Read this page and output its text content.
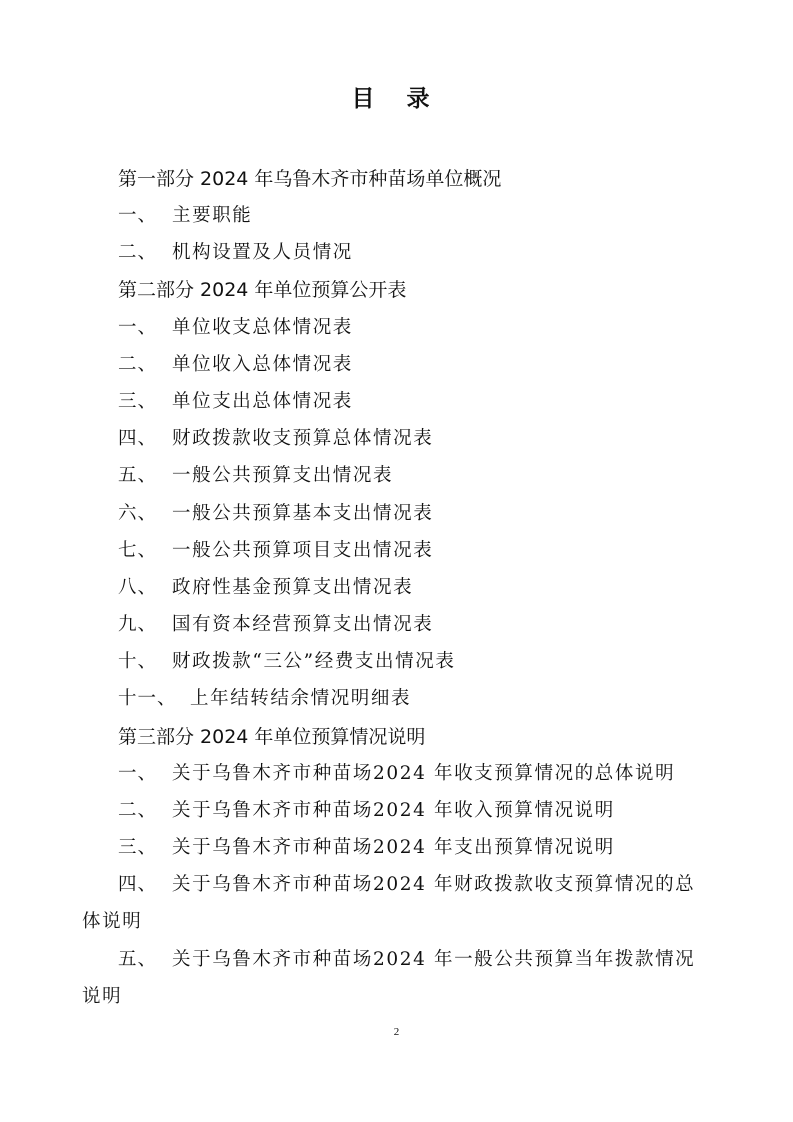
目 录
第一部分 2024 年乌鲁木齐市种苗场单位概况
一、 主要职能
二、 机构设置及人员情况
第二部分 2024 年单位预算公开表
一、 单位收支总体情况表
二、 单位收入总体情况表
三、 单位支出总体情况表
四、 财政拨款收支预算总体情况表
五、 一般公共预算支出情况表
六、 一般公共预算基本支出情况表
七、 一般公共预算项目支出情况表
八、 政府性基金预算支出情况表
九、 国有资本经营预算支出情况表
十、 财政拨款“三公”经费支出情况表
十一、 上年结转结余情况明细表
第三部分 2024 年单位预算情况说明
一、 关于乌鲁木齐市种苗场2024 年收支预算情况的总体说明
二、 关于乌鲁木齐市种苗场2024 年收入预算情况说明
三、 关于乌鲁木齐市种苗场2024 年支出预算情况说明
四、 关于乌鲁木齐市种苗场2024 年财政拨款收支预算情况的总
体说明
五、 关于乌鲁木齐市种苗场2024 年一般公共预算当年拨款情况
说明
2
